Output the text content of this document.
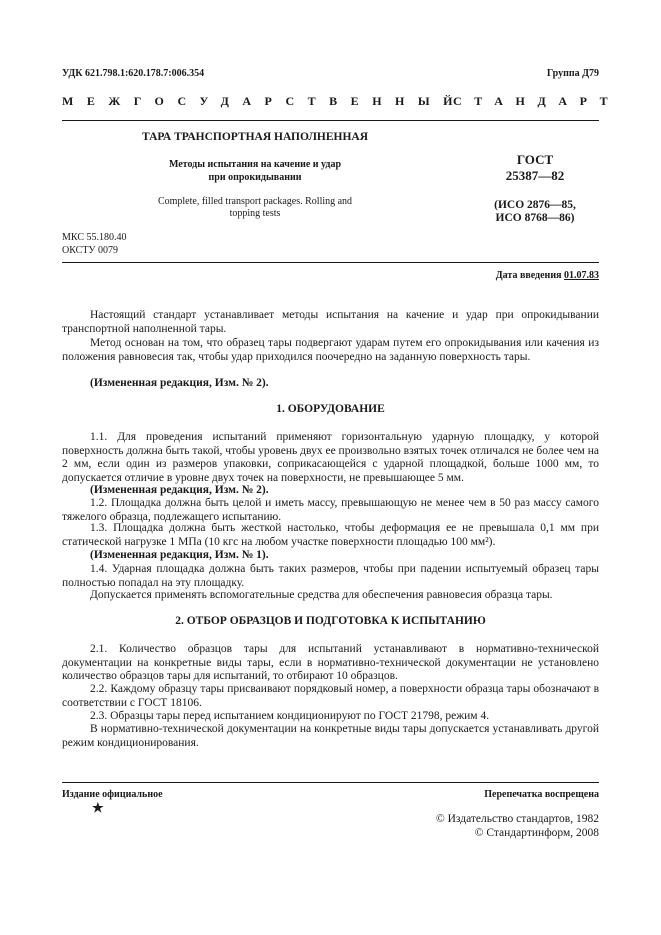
УДК 621.798.1:620.178.7:006.354	Группа Д79
МЕЖГОСУДАРСТВЕННЫЙ
СТАНДАРТ
ТАРА ТРАНСПОРТНАЯ НАПОЛНЕННАЯ
Методы испытания на качение и удар
при опрокидывании
Complete, filled transport packages. Rolling and
topping tests
ГОСТ
25387—82
(ИСО 2876—85,
ИСО 8768—86)
МКС 55.180.40
ОКСТУ 0079
Дата введения 01.07.83
Настоящий стандарт устанавливает методы испытания на качение и удар при опрокидывании транспортной наполненной тары.
Метод основан на том, что образец тары подвергают ударам путем его опрокидывания или качения из положения равновесия так, чтобы удар приходился поочередно на заданную поверхность тары.
(Измененная редакция, Изм. № 2).
1. ОБОРУДОВАНИЕ
1.1. Для проведения испытаний применяют горизонтальную ударную площадку, у которой поверхность должна быть такой, чтобы уровень двух ее произвольно взятых точек отличался не более чем на 2 мм, если один из размеров упаковки, соприкасающейся с ударной площадкой, больше 1000 мм, то допускается отличие в уровне двух точек на поверхности, не превышающее 5 мм.
(Измененная редакция, Изм. № 2).
1.2. Площадка должна быть целой и иметь массу, превышающую не менее чем в 50 раз массу самого тяжелого образца, подлежащего испытанию.
1.3. Площадка должна быть жесткой настолько, чтобы деформация ее не превышала 0,1 мм при статической нагрузке 1 МПа (10 кгс на любом участке поверхности площадью 100 мм²).
(Измененная редакция, Изм. № 1).
1.4. Ударная площадка должна быть таких размеров, чтобы при падении испытуемый образец тары полностью попадал на эту площадку.
Допускается применять вспомогательные средства для обеспечения равновесия образца тары.
2. ОТБОР ОБРАЗЦОВ И ПОДГОТОВКА К ИСПЫТАНИЮ
2.1. Количество образцов тары для испытаний устанавливают в нормативно-технической документации на конкретные виды тары, если в нормативно-технической документации не установлено количество образцов тары для испытаний, то отбирают 10 образцов.
2.2. Каждому образцу тары присваивают порядковый номер, а поверхности образца тары обозначают в соответствии с ГОСТ 18106.
2.3. Образцы тары перед испытанием кондиционируют по ГОСТ 21798, режим 4.
В нормативно-технической документации на конкретные виды тары допускается устанавливать другой режим кондиционирования.
Издание официальное
★
Перепечатка воспрещена
© Издательство стандартов, 1982
© Стандартинформ, 2008
